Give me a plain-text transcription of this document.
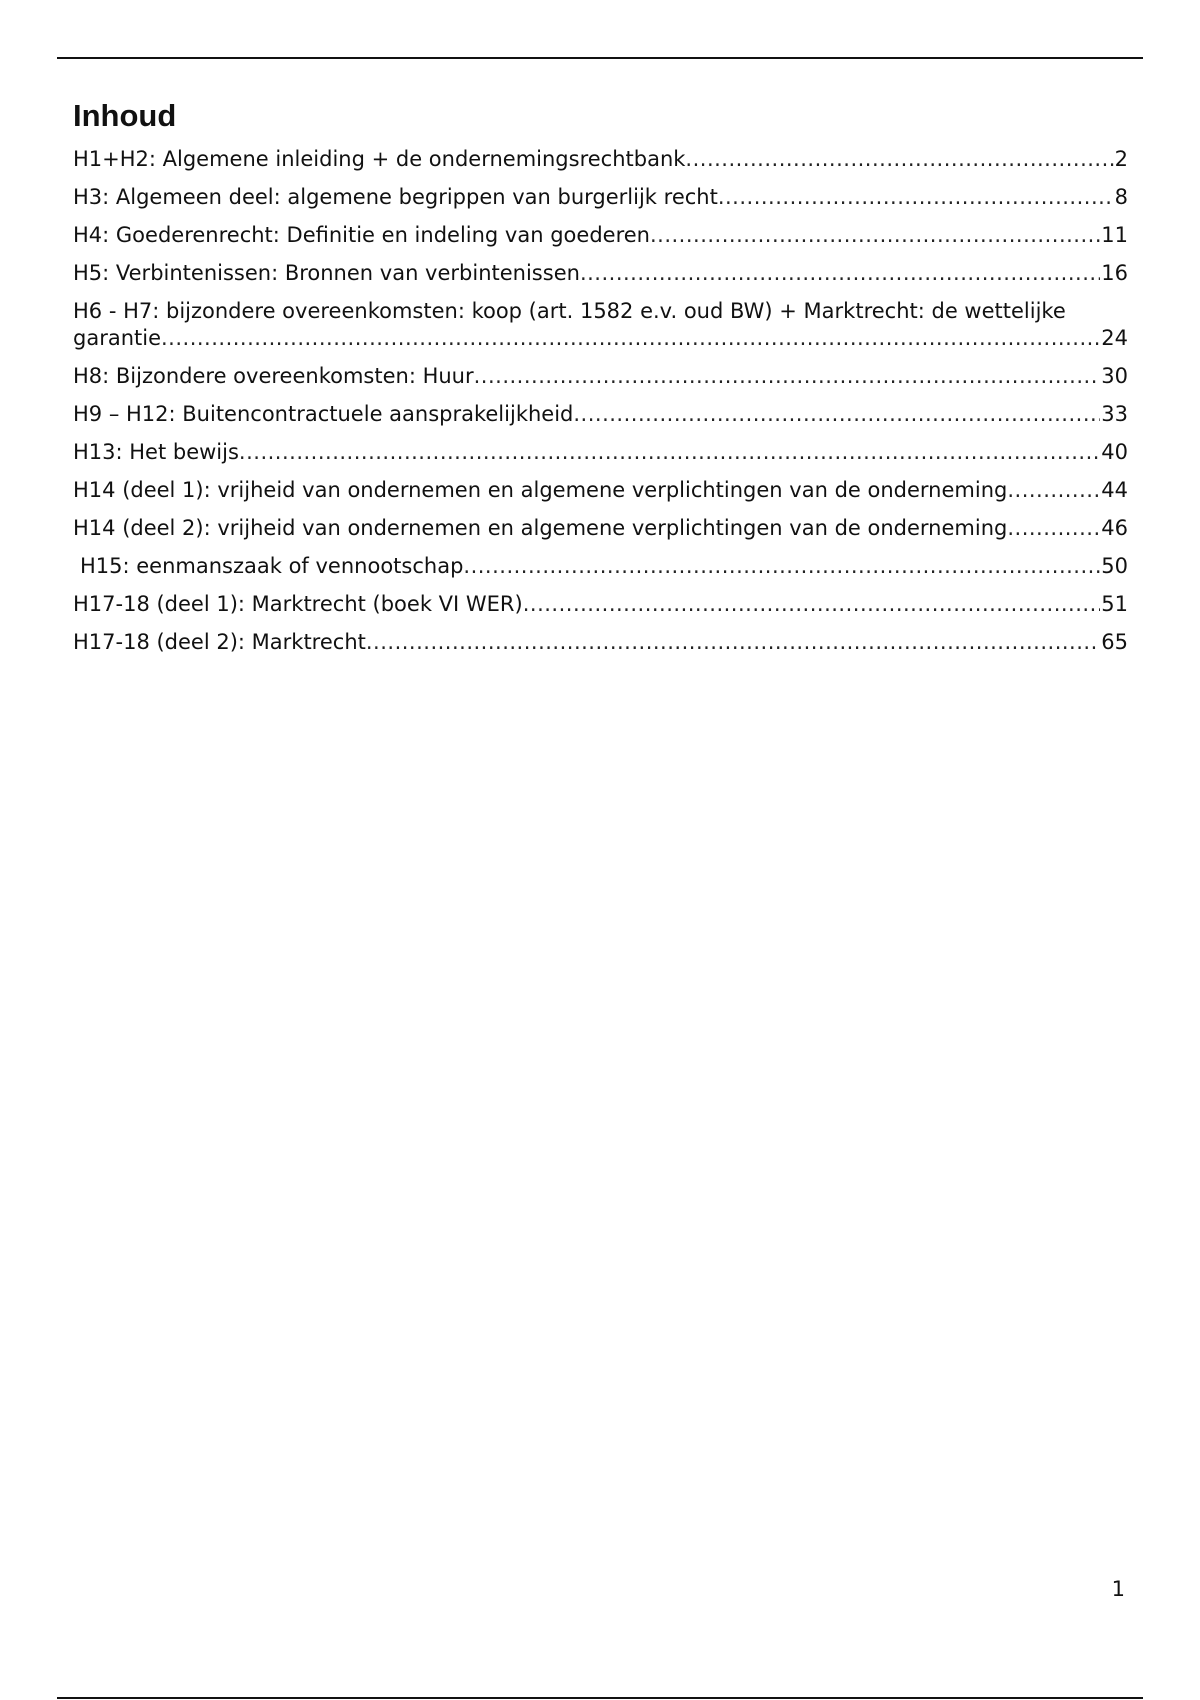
Inhoud
H1+H2: Algemene inleiding + de ondernemingsrechtbank .....	2
H3: Algemeen deel: algemene begrippen van burgerlijk recht .....	8
H4: Goederenrecht: Definitie en indeling van goederen .....	11
H5: Verbintenissen: Bronnen van verbintenissen .....	16
H6 - H7: bijzondere overeenkomsten: koop (art. 1582 e.v. oud BW) + Marktrecht: de wettelijke
garantie .....	24
H8: Bijzondere overeenkomsten: Huur .....	30
H9 – H12: Buitencontractuele aansprakelijkheid .....	33
H13: Het bewijs .....	40
H14 (deel 1): vrijheid van ondernemen en algemene verplichtingen van de onderneming .....	44
H14 (deel 2): vrijheid van ondernemen en algemene verplichtingen van de onderneming .....	46
H15: eenmanszaak of vennootschap .....	50
H17-18 (deel 1): Marktrecht (boek VI WER) .....	51
H17-18 (deel 2): Marktrecht .....	65
1
